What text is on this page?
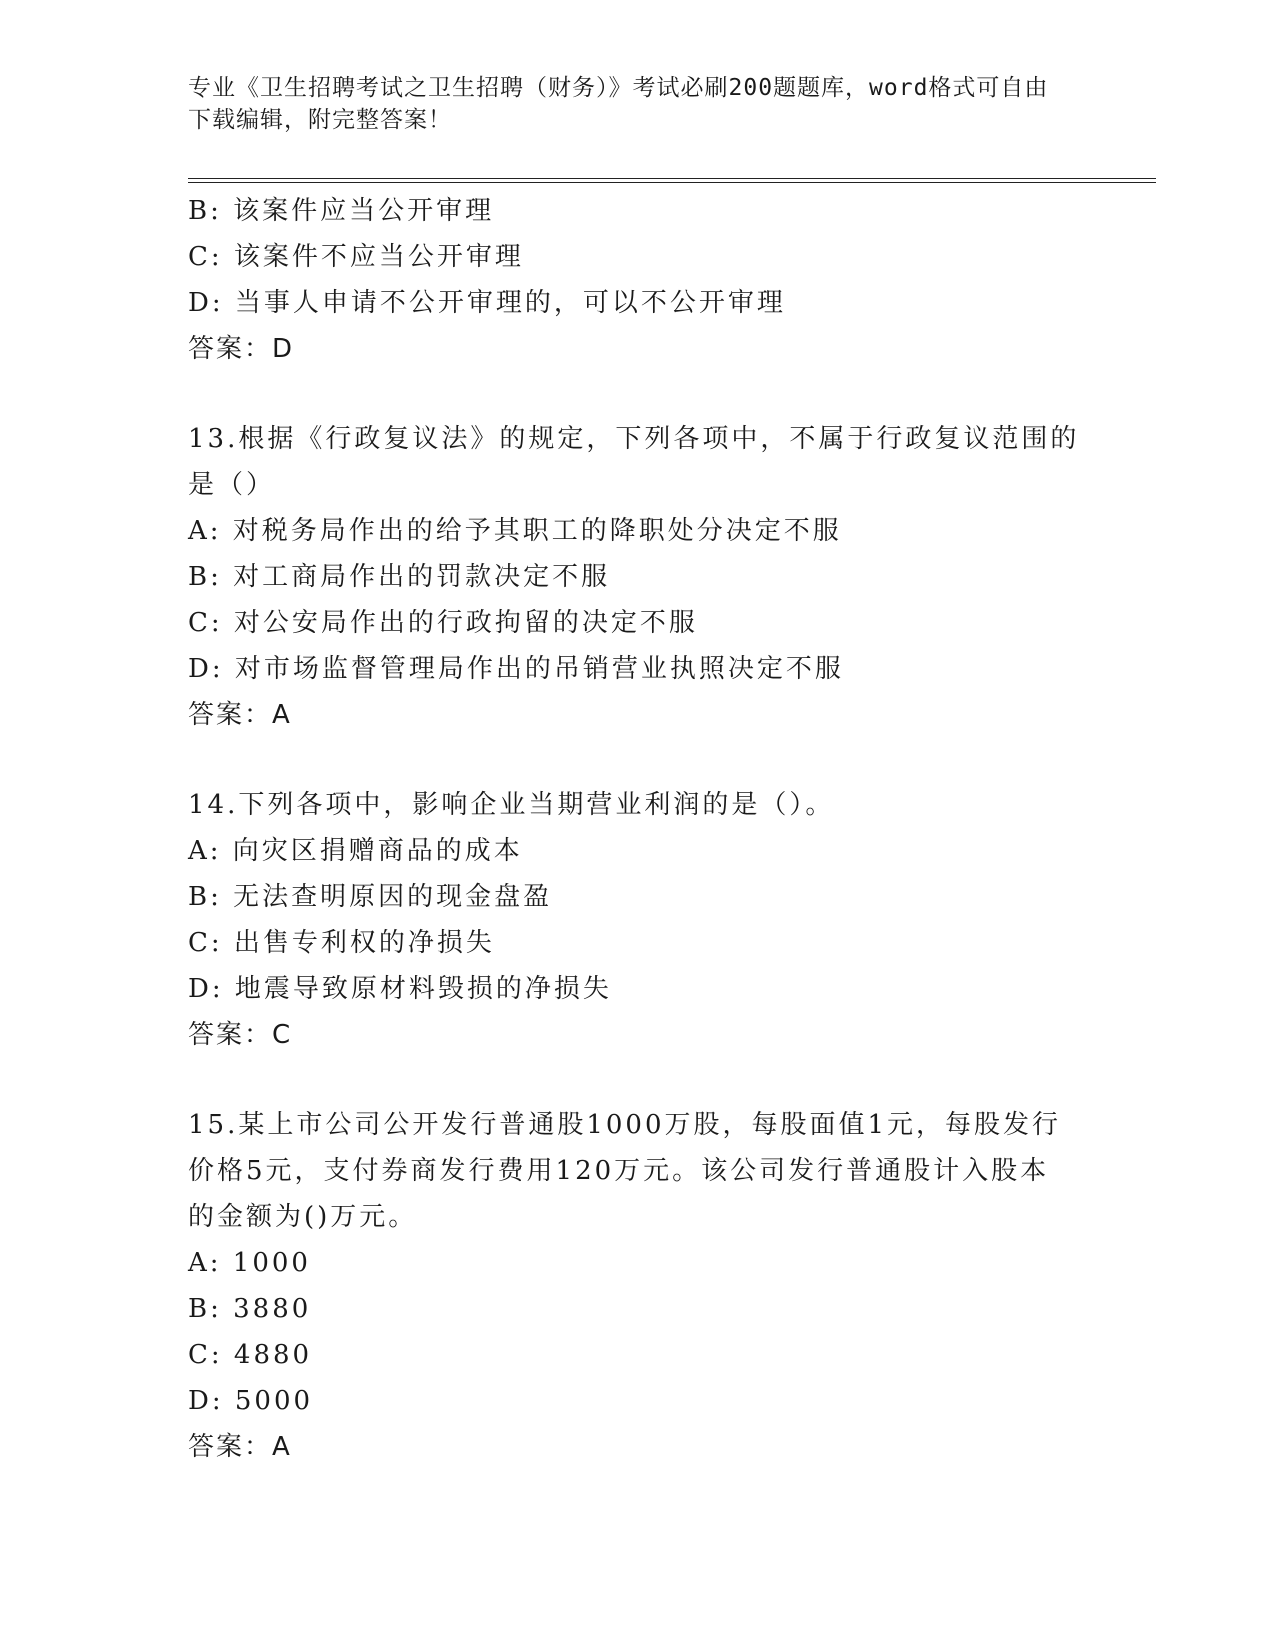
专业《卫生招聘考试之卫生招聘（财务）》考试必刷200题题库，word格式可自由下载编辑，附完整答案！
B: 该案件应当公开审理
C: 该案件不应当公开审理
D: 当事人申请不公开审理的，可以不公开审理
答案：D
13.根据《行政复议法》的规定，下列各项中，不属于行政复议范围的
是（）
A: 对税务局作出的给予其职工的降职处分决定不服
B: 对工商局作出的罚款决定不服
C: 对公安局作出的行政拘留的决定不服
D: 对市场监督管理局作出的吊销营业执照决定不服
答案：A
14.下列各项中，影响企业当期营业利润的是（）。
A: 向灾区捐赠商品的成本
B: 无法查明原因的现金盘盈
C: 出售专利权的净损失
D: 地震导致原材料毁损的净损失
答案：C
15.某上市公司公开发行普通股1000万股，每股面值1元，每股发行
价格5元，支付券商发行费用120万元。该公司发行普通股计入股本
的金额为()万元。
A: 1000
B: 3880
C: 4880
D: 5000
答案：A
